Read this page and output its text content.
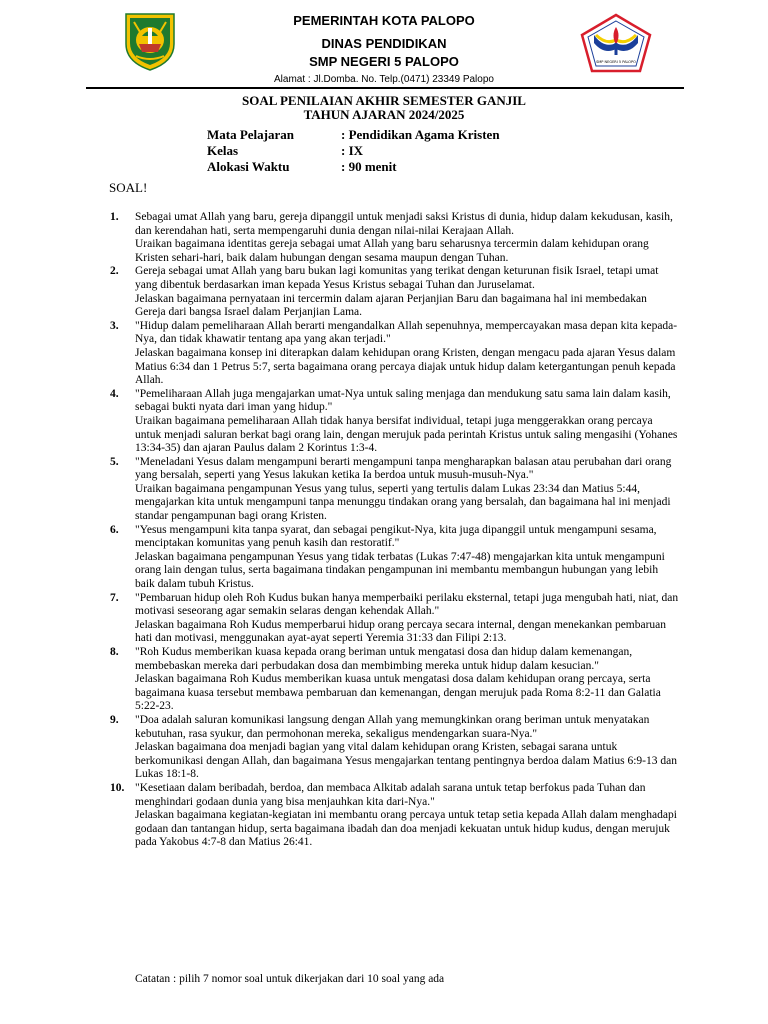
PEMERINTAH KOTA PALOPO
DINAS PENDIDIKAN
SMP NEGERI 5 PALOPO
Alamat : Jl.Domba. No. Telp.(0471) 23349 Palopo
SMP NEGERI 5 PALOPO
SOAL PENILAIAN AKHIR SEMESTER GANJIL
TAHUN AJARAN 2024/2025
Mata Pelajaran	: Pendidikan Agama Kristen
Kelas	: IX
Alokasi Waktu	: 90 menit
SOAL!
1.	Sebagai umat Allah yang baru, gereja dipanggil untuk menjadi saksi Kristus di dunia, hidup dalam kekudusan, kasih, dan kerendahan hati, serta mempengaruhi dunia dengan nilai-nilai Kerajaan Allah.

Uraikan bagaimana identitas gereja sebagai umat Allah yang baru seharusnya tercermin dalam kehidupan orang Kristen sehari-hari, baik dalam hubungan dengan sesama maupun dengan Tuhan.

2.	Gereja sebagai umat Allah yang baru bukan lagi komunitas yang terikat dengan keturunan fisik Israel, tetapi umat yang dibentuk berdasarkan iman kepada Yesus Kristus sebagai Tuhan dan Juruselamat.

Jelaskan bagaimana pernyataan ini tercermin dalam ajaran Perjanjian Baru dan bagaimana hal ini membedakan Gereja dari bangsa Israel dalam Perjanjian Lama.

3.	"Hidup dalam pemeliharaan Allah berarti mengandalkan Allah sepenuhnya, mempercayakan masa depan kita kepada-Nya, dan tidak khawatir tentang apa yang akan terjadi."

Jelaskan bagaimana konsep ini diterapkan dalam kehidupan orang Kristen, dengan mengacu pada ajaran Yesus dalam Matius 6:34 dan 1 Petrus 5:7, serta bagaimana orang percaya diajak untuk hidup dalam ketergantungan penuh kepada Allah.

4.	"Pemeliharaan Allah juga mengajarkan umat-Nya untuk saling menjaga dan mendukung satu sama lain dalam kasih, sebagai bukti nyata dari iman yang hidup."

Uraikan bagaimana pemeliharaan Allah tidak hanya bersifat individual, tetapi juga menggerakkan orang percaya untuk menjadi saluran berkat bagi orang lain, dengan merujuk pada perintah Kristus untuk saling mengasihi (Yohanes 13:34-35) dan ajaran Paulus dalam 2 Korintus 1:3-4.

5.	"Meneladani Yesus dalam mengampuni berarti mengampuni tanpa mengharapkan balasan atau perubahan dari orang yang bersalah, seperti yang Yesus lakukan ketika Ia berdoa untuk musuh-musuh-Nya."

Uraikan bagaimana pengampunan Yesus yang tulus, seperti yang tertulis dalam Lukas 23:34 dan Matius 5:44, mengajarkan kita untuk mengampuni tanpa menunggu tindakan orang yang bersalah, dan bagaimana hal ini menjadi standar pengampunan bagi orang Kristen.

6.	"Yesus mengampuni kita tanpa syarat, dan sebagai pengikut-Nya, kita juga dipanggil untuk mengampuni sesama, menciptakan komunitas yang penuh kasih dan restoratif."

Jelaskan bagaimana pengampunan Yesus yang tidak terbatas (Lukas 7:47-48) mengajarkan kita untuk mengampuni orang lain dengan tulus, serta bagaimana tindakan pengampunan ini membantu membangun hubungan yang lebih baik dalam tubuh Kristus.

7.	"Pembaruan hidup oleh Roh Kudus bukan hanya memperbaiki perilaku eksternal, tetapi juga mengubah hati, niat, dan motivasi seseorang agar semakin selaras dengan kehendak Allah."

Jelaskan bagaimana Roh Kudus memperbarui hidup orang percaya secara internal, dengan menekankan pembaruan hati dan motivasi, menggunakan ayat-ayat seperti Yeremia 31:33 dan Filipi 2:13.

8.	"Roh Kudus memberikan kuasa kepada orang beriman untuk mengatasi dosa dan hidup dalam kemenangan, membebaskan mereka dari perbudakan dosa dan membimbing mereka untuk hidup dalam kesucian."

Jelaskan bagaimana Roh Kudus memberikan kuasa untuk mengatasi dosa dalam kehidupan orang percaya, serta bagaimana kuasa tersebut membawa pembaruan dan kemenangan, dengan merujuk pada Roma 8:2-11 dan Galatia 5:22-23.

9.	"Doa adalah saluran komunikasi langsung dengan Allah yang memungkinkan orang beriman untuk menyatakan kebutuhan, rasa syukur, dan permohonan mereka, sekaligus mendengarkan suara-Nya."

Jelaskan bagaimana doa menjadi bagian yang vital dalam kehidupan orang Kristen, sebagai sarana untuk berkomunikasi dengan Allah, dan bagaimana Yesus mengajarkan tentang pentingnya berdoa dalam Matius 6:9-13 dan Lukas 18:1-8.

10. "Kesetiaan dalam beribadah, berdoa, dan membaca Alkitab adalah sarana untuk tetap berfokus pada Tuhan dan menghindari godaan dunia yang bisa menjauhkan kita dari-Nya."

Jelaskan bagaimana kegiatan-kegiatan ini membantu orang percaya untuk tetap setia kepada Allah dalam menghadapi godaan dan tantangan hidup, serta bagaimana ibadah dan doa menjadi kekuatan untuk hidup kudus, dengan merujuk pada Yakobus 4:7-8 dan Matius 26:41.

Catatan : pilih 7 nomor soal untuk dikerjakan dari 10 soal yang ada
